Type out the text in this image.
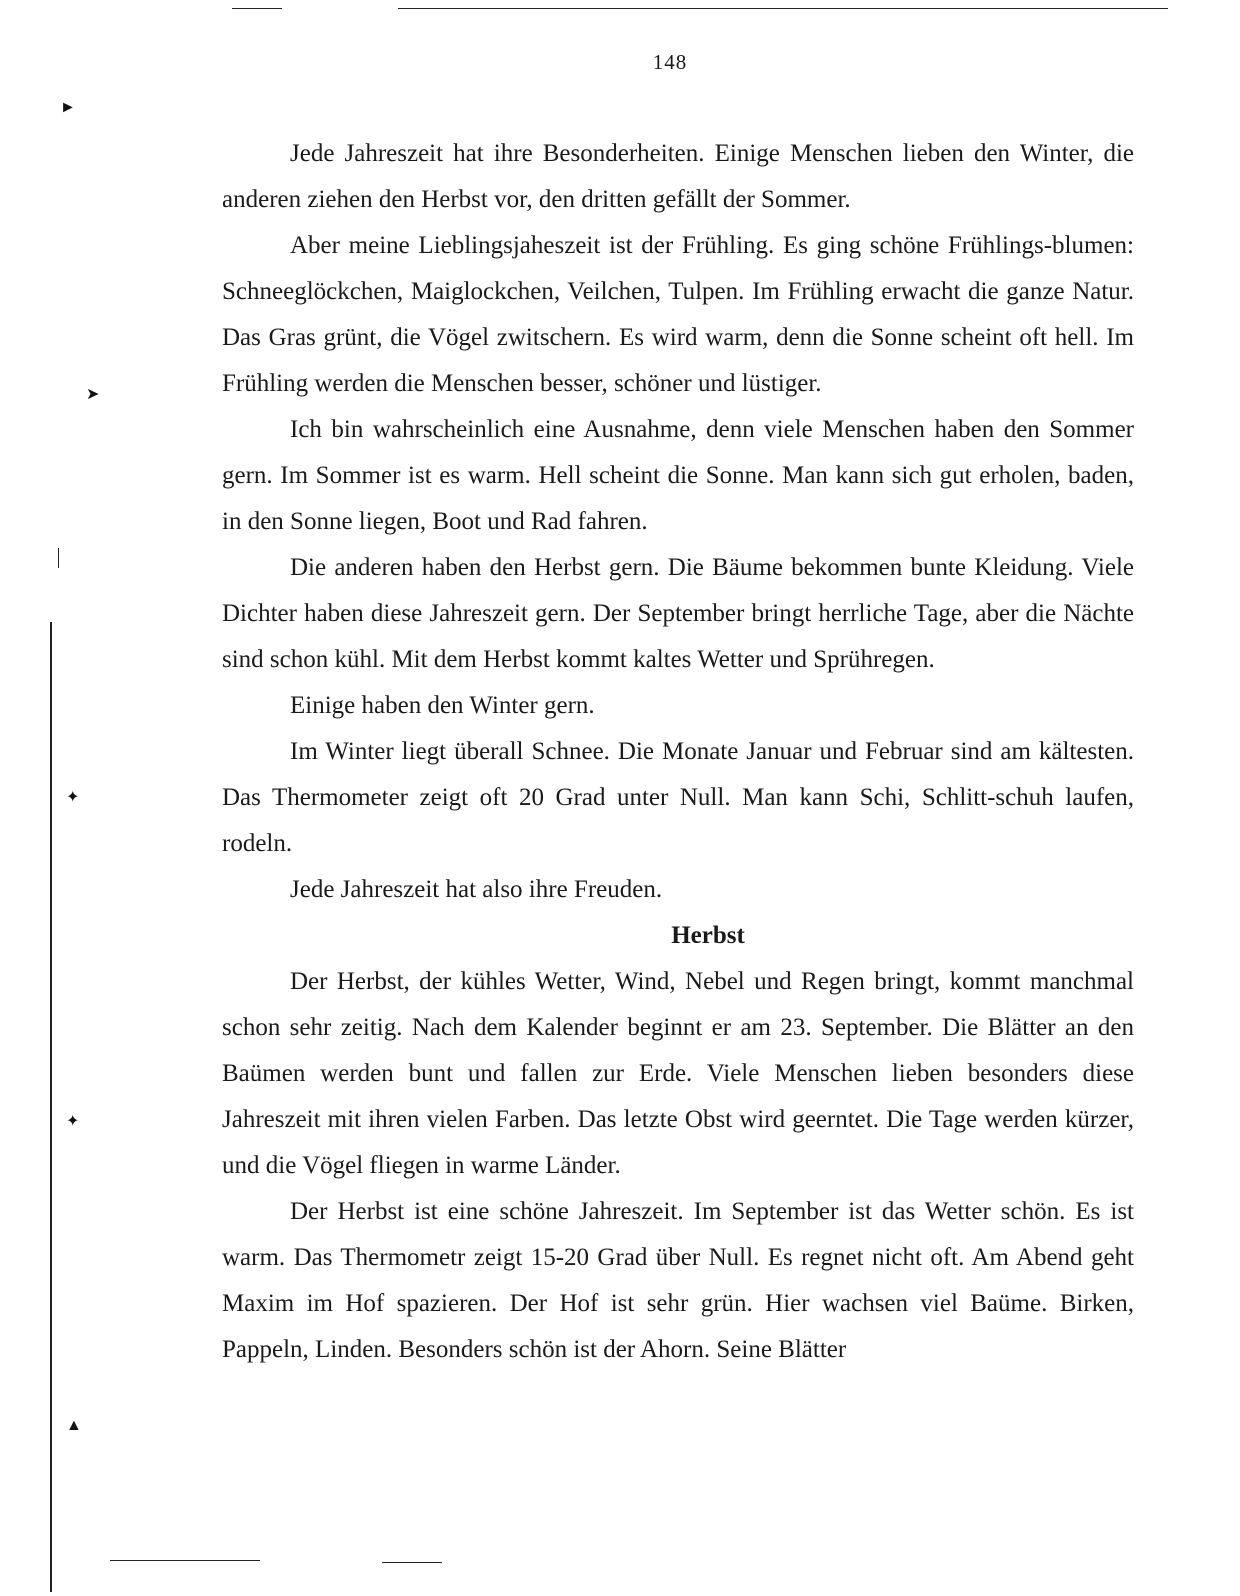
►
➤
✦
✦
▲
148

Jede Jahreszeit hat ihre Besonderheiten. Einige Menschen lieben den Winter, die anderen ziehen den Herbst vor, den dritten gefällt der Sommer.

Aber meine Lieblingsjaheszeit ist der Frühling. Es ging schöne Frühlings-blumen: Schneeglöckchen, Maiglockchen, Veilchen, Tulpen. Im Frühling erwacht die ganze Natur. Das Gras grünt, die Vögel zwitschern. Es wird warm, denn die Sonne scheint oft hell. Im Frühling werden die Menschen besser, schöner und lüstiger.

Ich bin wahrscheinlich eine Ausnahme, denn viele Menschen haben den Sommer gern. Im Sommer ist es warm. Hell scheint die Sonne. Man kann sich gut erholen, baden, in den Sonne liegen, Boot und Rad fahren.

Die anderen haben den Herbst gern. Die Bäume bekommen bunte Kleidung. Viele Dichter haben diese Jahreszeit gern. Der September bringt herrliche Tage, aber die Nächte sind schon kühl. Mit dem Herbst kommt kaltes Wetter und Sprühregen.

Einige haben den Winter gern.

Im Winter liegt überall Schnee. Die Monate Januar und Februar sind am kältesten. Das Thermometer zeigt oft 20 Grad unter Null. Man kann Schi, Schlitt-schuh laufen, rodeln.

Jede Jahreszeit hat also ihre Freuden.

Herbst

Der Herbst, der kühles Wetter, Wind, Nebel und Regen bringt, kommt manchmal schon sehr zeitig. Nach dem Kalender beginnt er am 23. September. Die Blätter an den Baümen werden bunt und fallen zur Erde. Viele Menschen lieben besonders diese Jahreszeit mit ihren vielen Farben. Das letzte Obst wird geerntet. Die Tage werden kürzer, und die Vögel fliegen in warme Länder.

Der Herbst ist eine schöne Jahreszeit. Im September ist das Wetter schön. Es ist warm. Das Thermometr zeigt 15-20 Grad über Null. Es regnet nicht oft. Am Abend geht Maxim im Hof spazieren. Der Hof ist sehr grün. Hier wachsen viel Baüme. Birken, Pappeln, Linden. Besonders schön ist der Ahorn. Seine Blätter
